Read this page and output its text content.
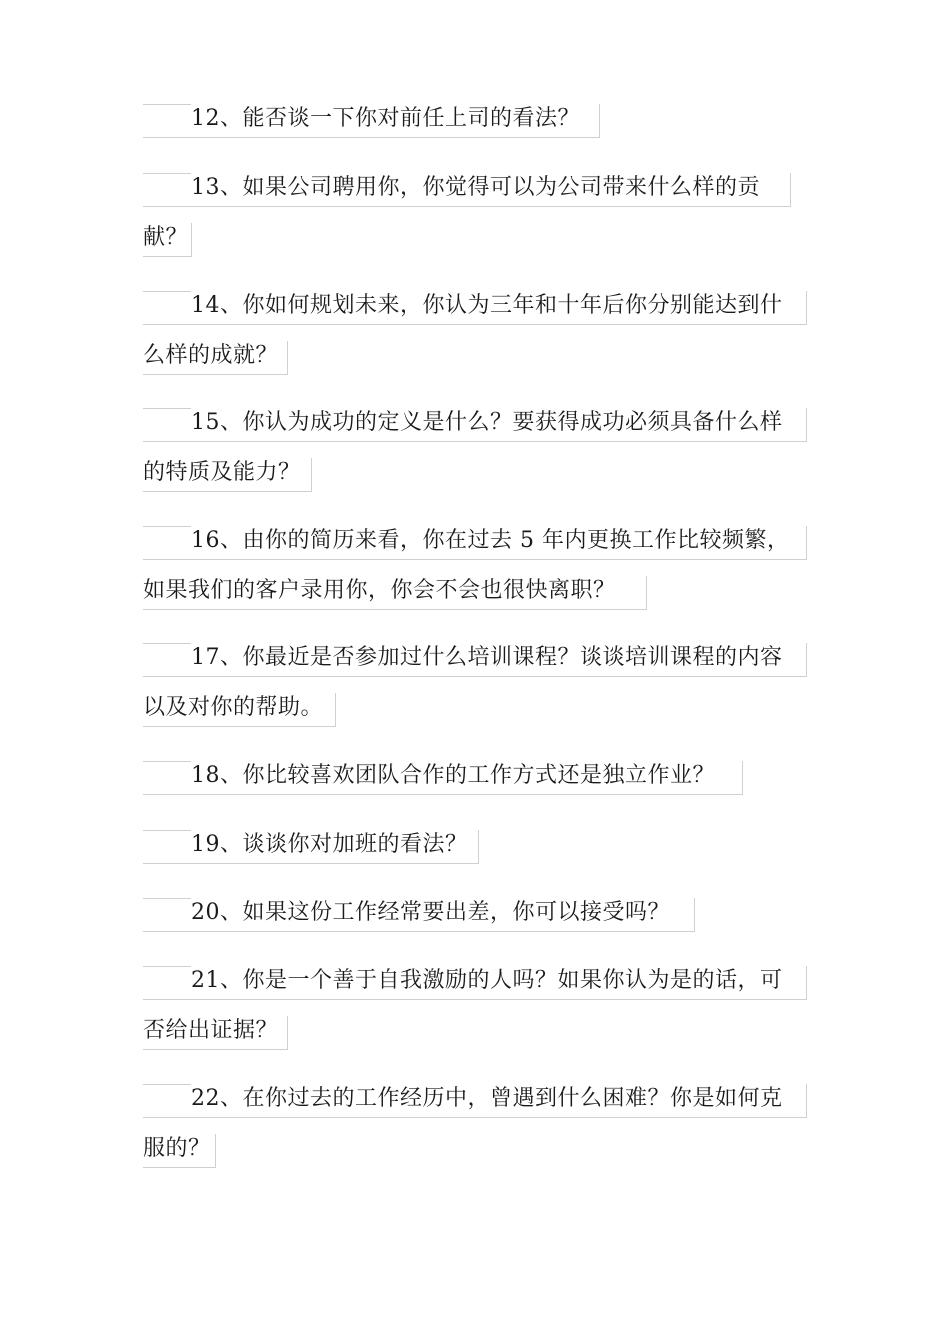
12、能否谈一下你对前任上司的看法？
13、如果公司聘用你，你觉得可以为公司带来什么样的贡
献？
14、你如何规划未来，你认为三年和十年后你分别能达到什
么样的成就？
15、你认为成功的定义是什么？要获得成功必须具备什么样
的特质及能力？
16、由你的简历来看，你在过去 5 年内更换工作比较频繁，
如果我们的客户录用你，你会不会也很快离职？
17、你最近是否参加过什么培训课程？谈谈培训课程的内容
以及对你的帮助。
18、你比较喜欢团队合作的工作方式还是独立作业？
19、谈谈你对加班的看法？
20、如果这份工作经常要出差，你可以接受吗？
21、你是一个善于自我激励的人吗？如果你认为是的话，可
否给出证据？
22、在你过去的工作经历中，曾遇到什么困难？你是如何克
服的？
